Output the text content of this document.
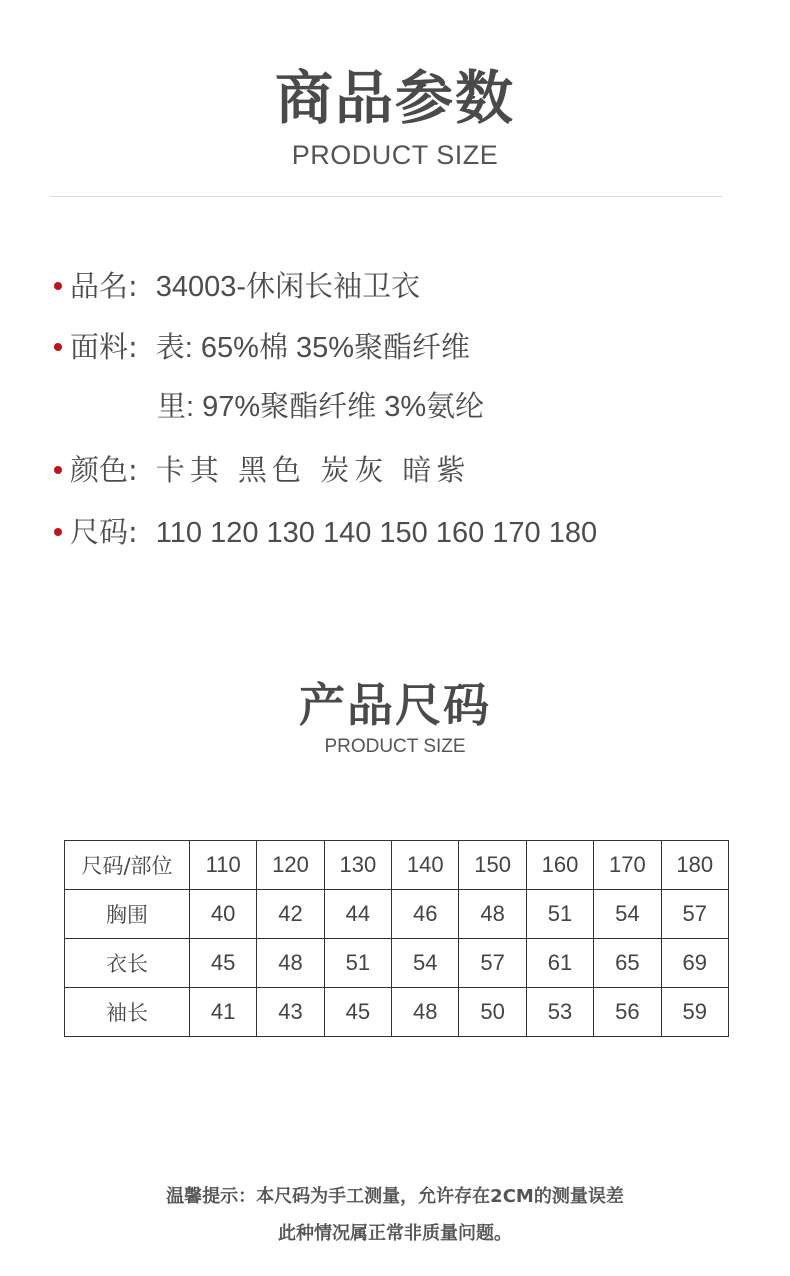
商品参数
PRODUCT SIZE
品名: 34003-休闲长袖卫衣
面料: 表: 65%棉 35%聚酯纤维
里: 97%聚酯纤维 3%氨纶
颜色: 卡其 黑色 炭灰 暗紫
尺码: 110 120 130 140 150 160 170 180
产品尺码
PRODUCT SIZE
尺码/部位	110	120	130	140	150	160	170	180
胸围	40	42	44	46	48	51	54	57
衣长	45	48	51	54	57	61	65	69
袖长	41	43	45	48	50	53	56	59
温馨提示：本尺码为手工测量，允许存在2CM的测量误差
此种情况属正常非质量问题。
